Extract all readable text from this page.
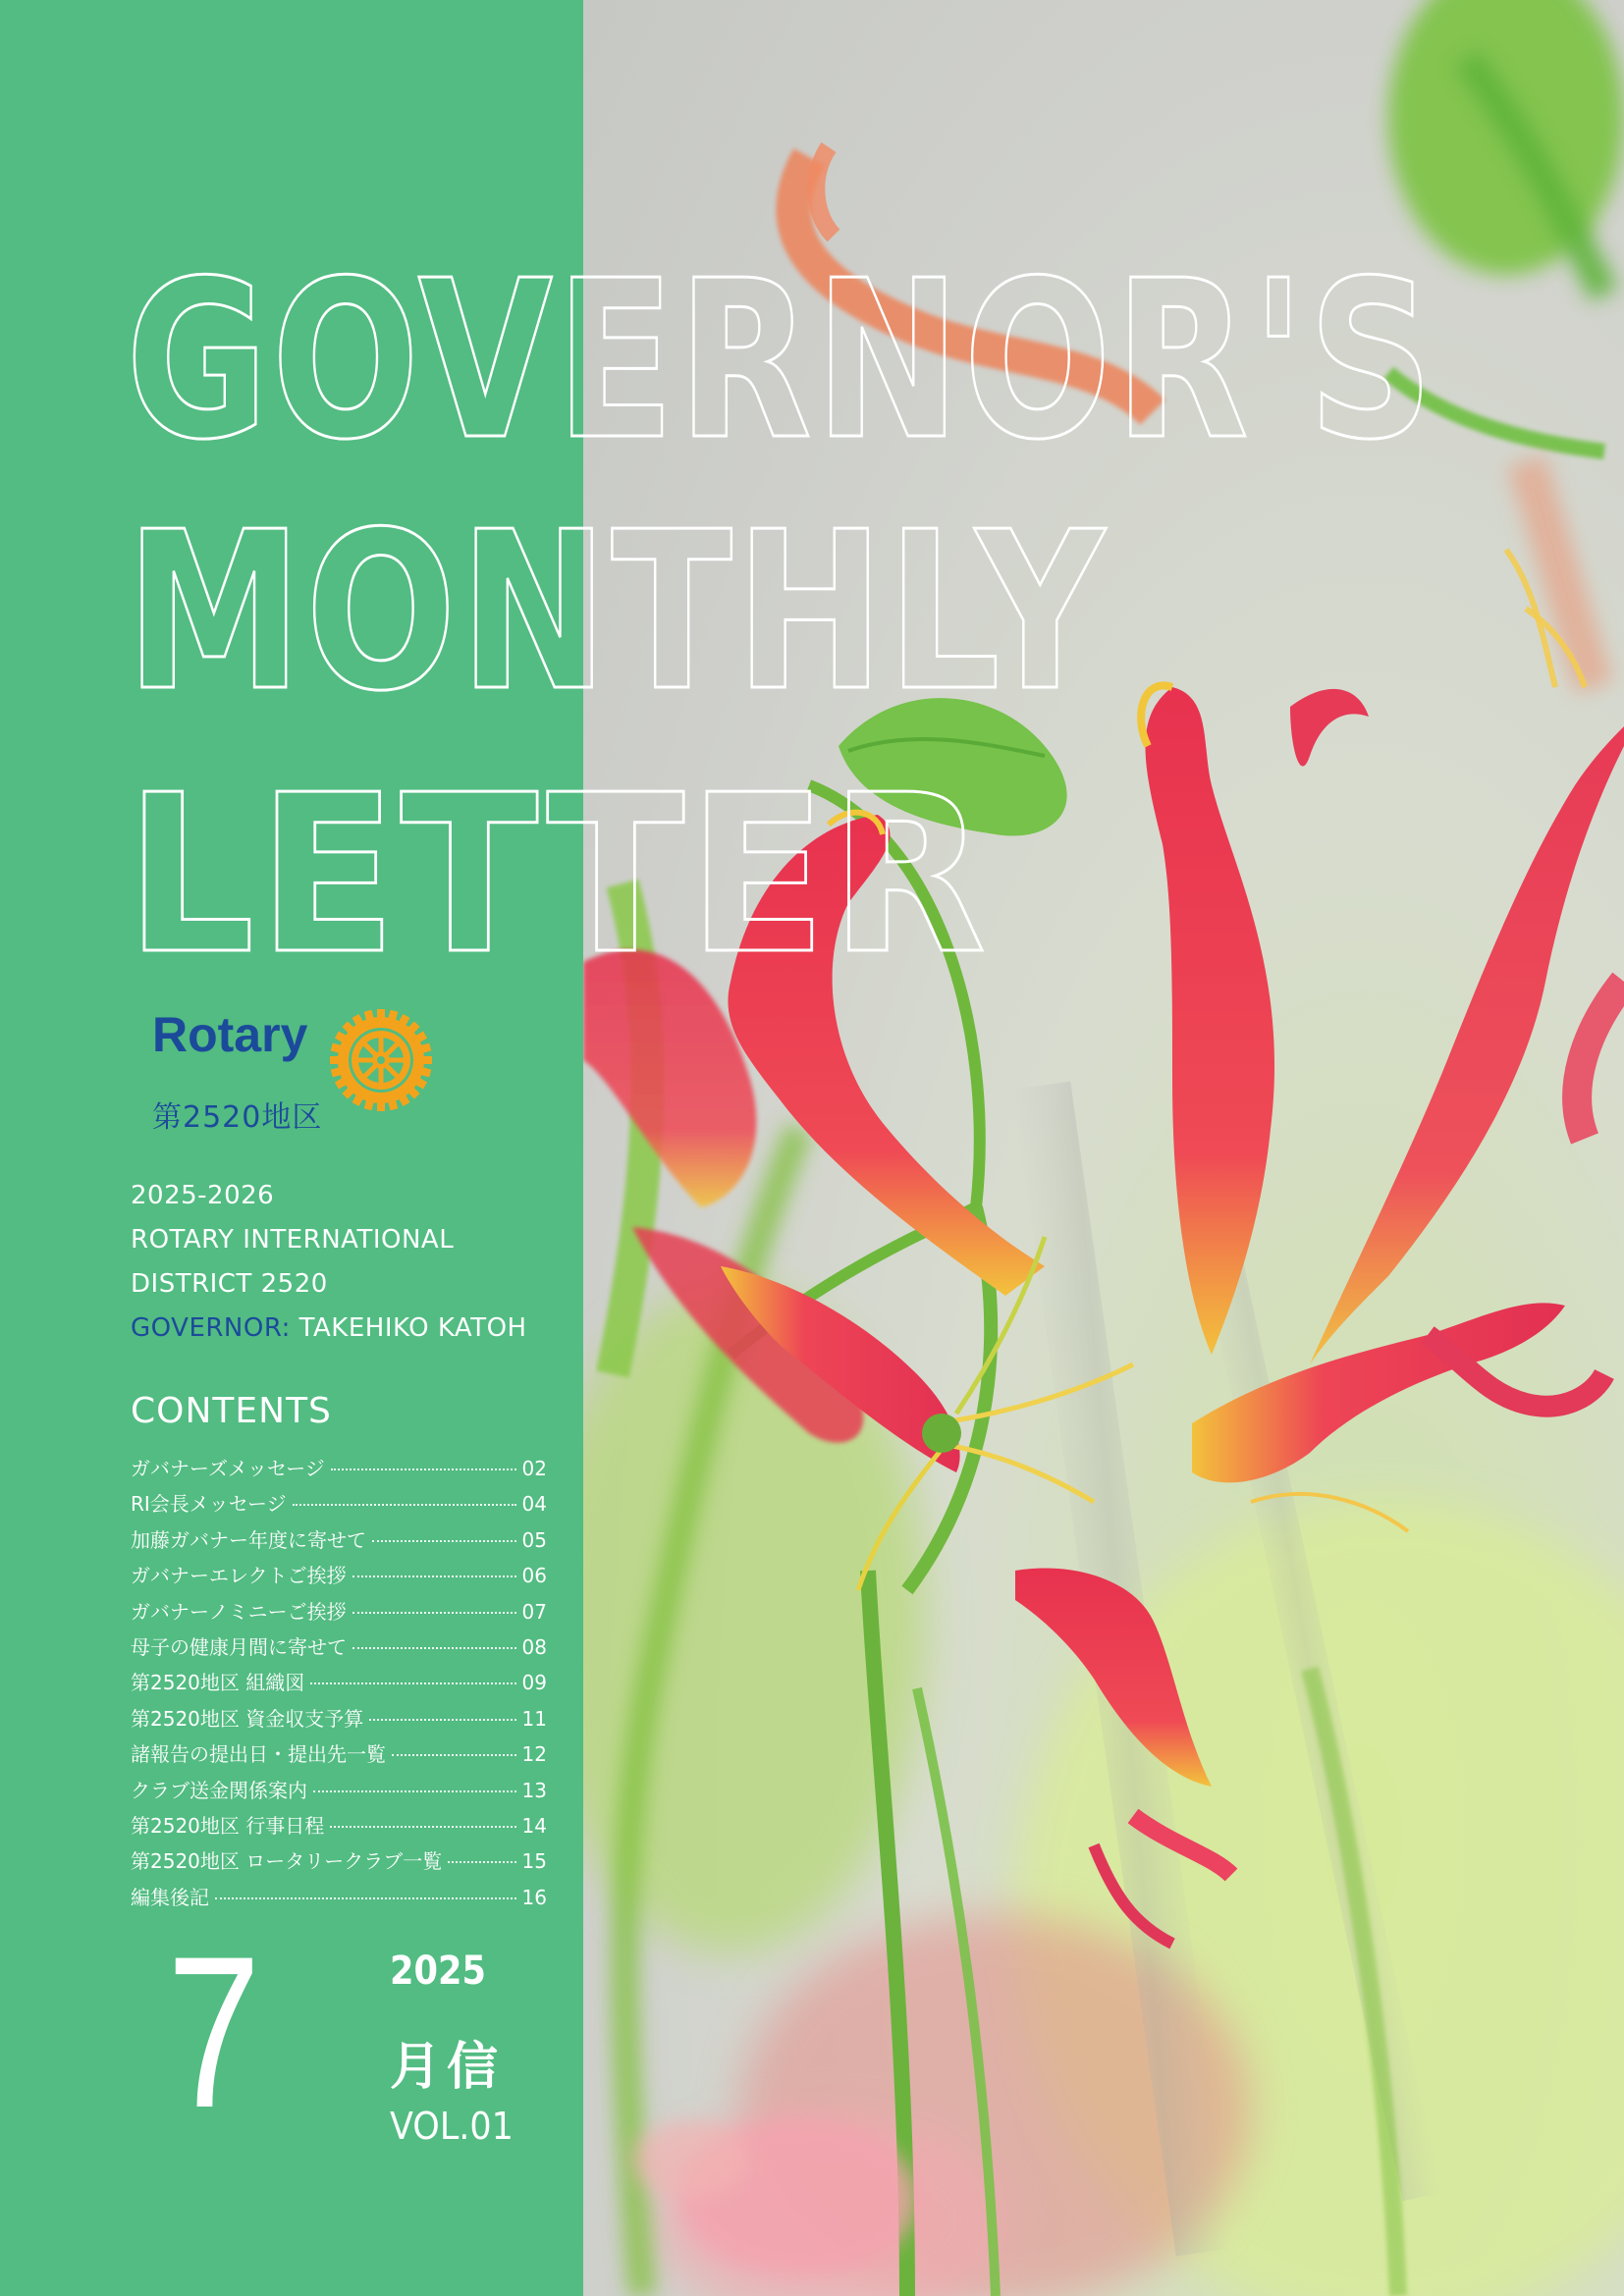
GOVERNOR'S
MONTHLY
LETTER
Rotary
第2520地区
2025-2026
ROTARY INTERNATIONAL
DISTRICT 2520
GOVERNOR: TAKEHIKO KATOH
CONTENTS
ガバナーズメッセージ	02
RI会長メッセージ	04
加藤ガバナー年度に寄せて	05
ガバナーエレクトご挨拶	06
ガバナーノミニーご挨拶	07
母子の健康月間に寄せて	08
第2520地区 組織図	09
第2520地区 資金収支予算	11
諸報告の提出日・提出先一覧	12
クラブ送金関係案内	13
第2520地区 行事日程	14
第2520地区 ロータリークラブ一覧	15
編集後記	16
7	2025
月信
VOL.01
